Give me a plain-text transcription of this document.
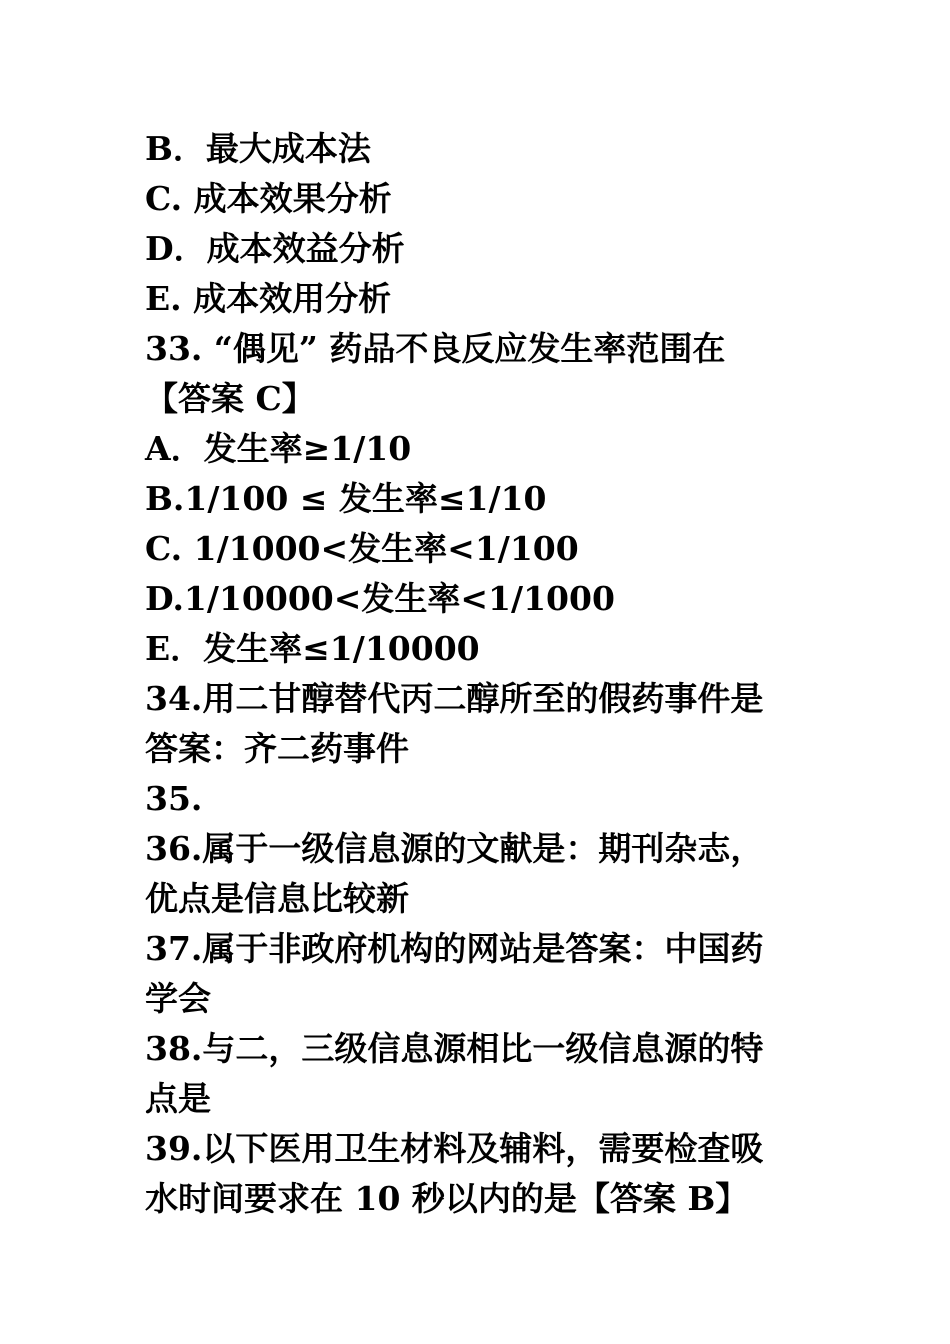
B．最大成本法
C. 成本效果分析
D．成本效益分析
E. 成本效用分析
33. “偶见” 药品不良反应发生率范围在
【答案 C】
A．发生率≥1/10
B.1/100 ≤ 发生率≤1/10
C. 1/1000<发生率<1/100
D.1/10000<发生率<1/1000
E．发生率≤1/10000
34.用二甘醇替代丙二醇所至的假药事件是
答案：齐二药事件
35.
36.属于一级信息源的文献是：期刊杂志，
优点是信息比较新
37.属于非政府机构的网站是答案：中国药
学会
38.与二，三级信息源相比一级信息源的特
点是
39.以下医用卫生材料及辅料，需要检查吸
水时间要求在 10 秒以内的是【答案 B】
